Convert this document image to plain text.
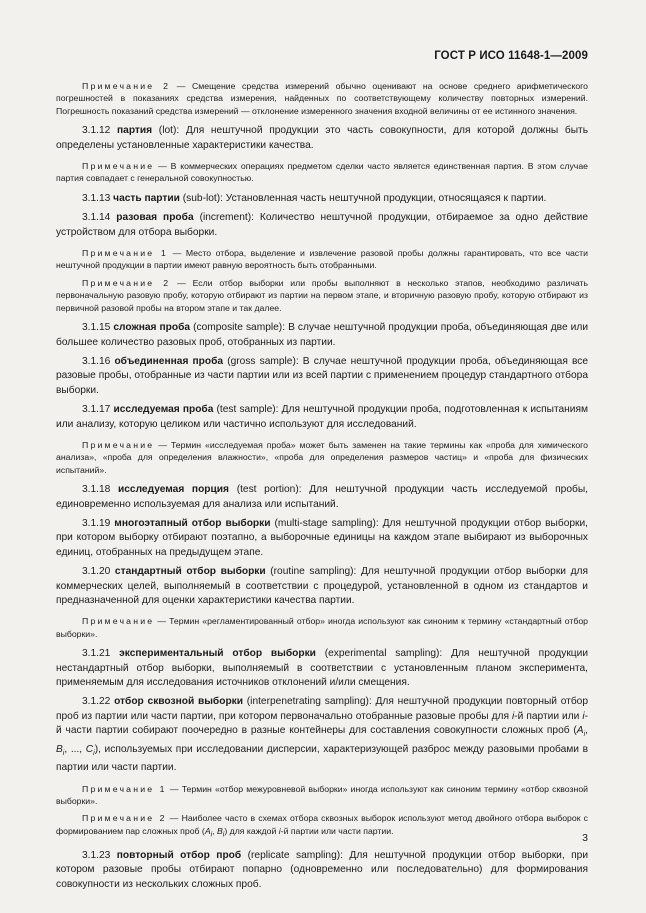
ГОСТ Р ИСО 11648-1—2009

Примечание 2 — Смещение средства измерений обычно оценивают на основе среднего арифметического погрешностей в показаниях средства измерения, найденных по соответствующему количеству повторных измерений. Погрешность показаний средства измерений — отклонение измеренного значения входной величины от ее истинного значения.

3.1.12 партия (lot): Для нештучной продукции это часть совокупности, для которой должны быть определены установленные характеристики качества.

Примечание — В коммерческих операциях предметом сделки часто является единственная партия. В этом случае партия совпадает с генеральной совокупностью.

3.1.13 часть партии (sub-lot): Установленная часть нештучной продукции, относящаяся к партии.

3.1.14 разовая проба (increment): Количество нештучной продукции, отбираемое за одно действие устройством для отбора выборки.

Примечание 1 — Место отбора, выделение и извлечение разовой пробы должны гарантировать, что все части нештучной продукции в партии имеют равную вероятность быть отобранными.

Примечание 2 — Если отбор выборки или пробы выполняют в несколько этапов, необходимо различать первоначальную разовую пробу, которую отбирают из партии на первом этапе, и вторичную разовую пробу, которую отбирают из первичной разовой пробы на втором этапе и так далее.

3.1.15 сложная проба (composite sample): В случае нештучной продукции проба, объединяющая две или большее количество разовых проб, отобранных из партии.

3.1.16 объединенная проба (gross sample): В случае нештучной продукции проба, объединяющая все разовые пробы, отобранные из части партии или из всей партии с применением процедур стандартного отбора выборки.

3.1.17 исследуемая проба (test sample): Для нештучной продукции проба, подготовленная к испытаниям или анализу, которую целиком или частично используют для исследований.

Примечание — Термин «исследуемая проба» может быть заменен на такие термины как «проба для химического анализа», «проба для определения влажности», «проба для определения размеров частиц» и «проба для физических испытаний».

3.1.18 исследуемая порция (test portion): Для нештучной продукции часть исследуемой пробы, единовременно используемая для анализа или испытаний.

3.1.19 многоэтапный отбор выборки (multi-stage sampling): Для нештучной продукции отбор выборки, при котором выборку отбирают поэтапно, а выборочные единицы на каждом этапе выбирают из выборочных единиц, отобранных на предыдущем этапе.

3.1.20 стандартный отбор выборки (routine sampling): Для нештучной продукции отбор выборки для коммерческих целей, выполняемый в соответствии с процедурой, установленной в одном из стандартов и предназначенной для оценки характеристики качества партии.

Примечание — Термин «регламентированный отбор» иногда используют как синоним к термину «стандартный отбор выборки».

3.1.21 экспериментальный отбор выборки (experimental sampling): Для нештучной продукции нестандартный отбор выборки, выполняемый в соответствии с установленным планом эксперимента, применяемым для исследования источников отклонений и/или смещения.

3.1.22 отбор сквозной выборки (interpenetrating sampling): Для нештучной продукции повторный отбор проб из партии или части партии, при котором первоначально отобранные разовые пробы для i-й партии или i-й части партии собирают поочередно в разные контейнеры для составления совокупности сложных проб ($A_i$, $B_i$, ..., $C_i$), используемых при исследовании дисперсии, характеризующей разброс между разовыми пробами в партии или части партии.

Примечание 1 — Термин «отбор межуровневой выборки» иногда используют как синоним термину «отбор сквозной выборки».

Примечание 2 — Наиболее часто в схемах отбора сквозных выборок используют метод двойного отбора выборок с формированием пар сложных проб ($A_i$, $B_i$) для каждой i-й партии или части партии.

3.1.23 повторный отбор проб (replicate sampling): Для нештучной продукции отбор выборки, при котором разовые пробы отбирают попарно (одновременно или последовательно) для формирования совокупности из нескольких сложных проб.

3
